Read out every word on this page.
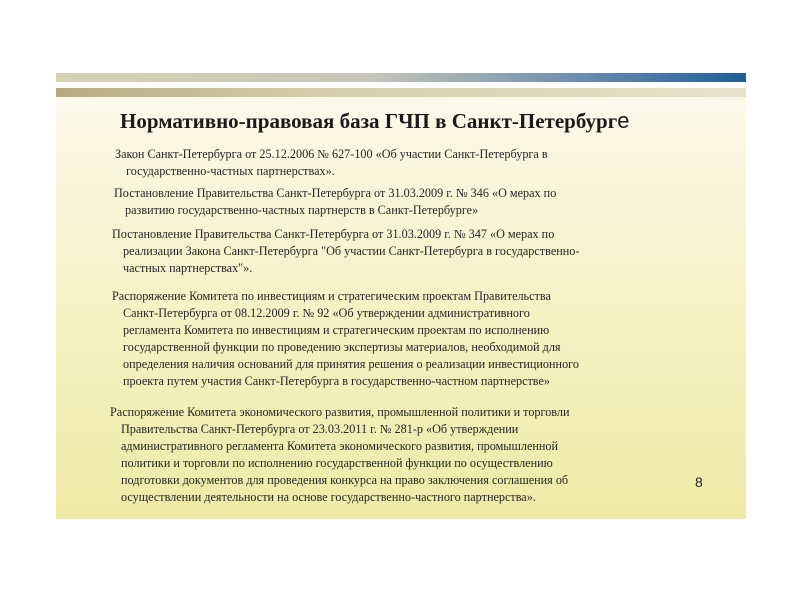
Нормативно-правовая база ГЧП в Санкт-Петербурге
Закон Санкт-Петербурга от 25.12.2006 № 627-100 «Об участии Санкт-Петербурга в
государственно-частных партнерствах».
Постановление Правительства Санкт-Петербурга от 31.03.2009 г. № 346 «О мерах по
развитию государственно-частных партнерств в Санкт-Петербурге»
Постановление Правительства Санкт-Петербурга от 31.03.2009 г. № 347 «О мерах по
реализации Закона Санкт-Петербурга "Об участии Санкт-Петербурга в государственно-
частных партнерствах"».
Распоряжение Комитета по инвестициям и стратегическим проектам Правительства
Санкт-Петербурга от 08.12.2009 г. № 92 «Об утверждении административного
регламента Комитета по инвестициям и стратегическим проектам по исполнению
государственной функции по проведению экспертизы материалов, необходимой для
определения наличия оснований для принятия решения о реализации инвестиционного
проекта путем участия Санкт-Петербурга в государственно-частном партнерстве»
Распоряжение Комитета экономического развития, промышленной политики и торговли
Правительства Санкт-Петербурга от 23.03.2011 г. № 281-р «Об утверждении
административного регламента Комитета экономического развития, промышленной
политики и торговли по исполнению государственной функции по осуществлению
подготовки документов для проведения конкурса на право заключения соглашения об
осуществлении деятельности на основе государственно-частного партнерства».
8
